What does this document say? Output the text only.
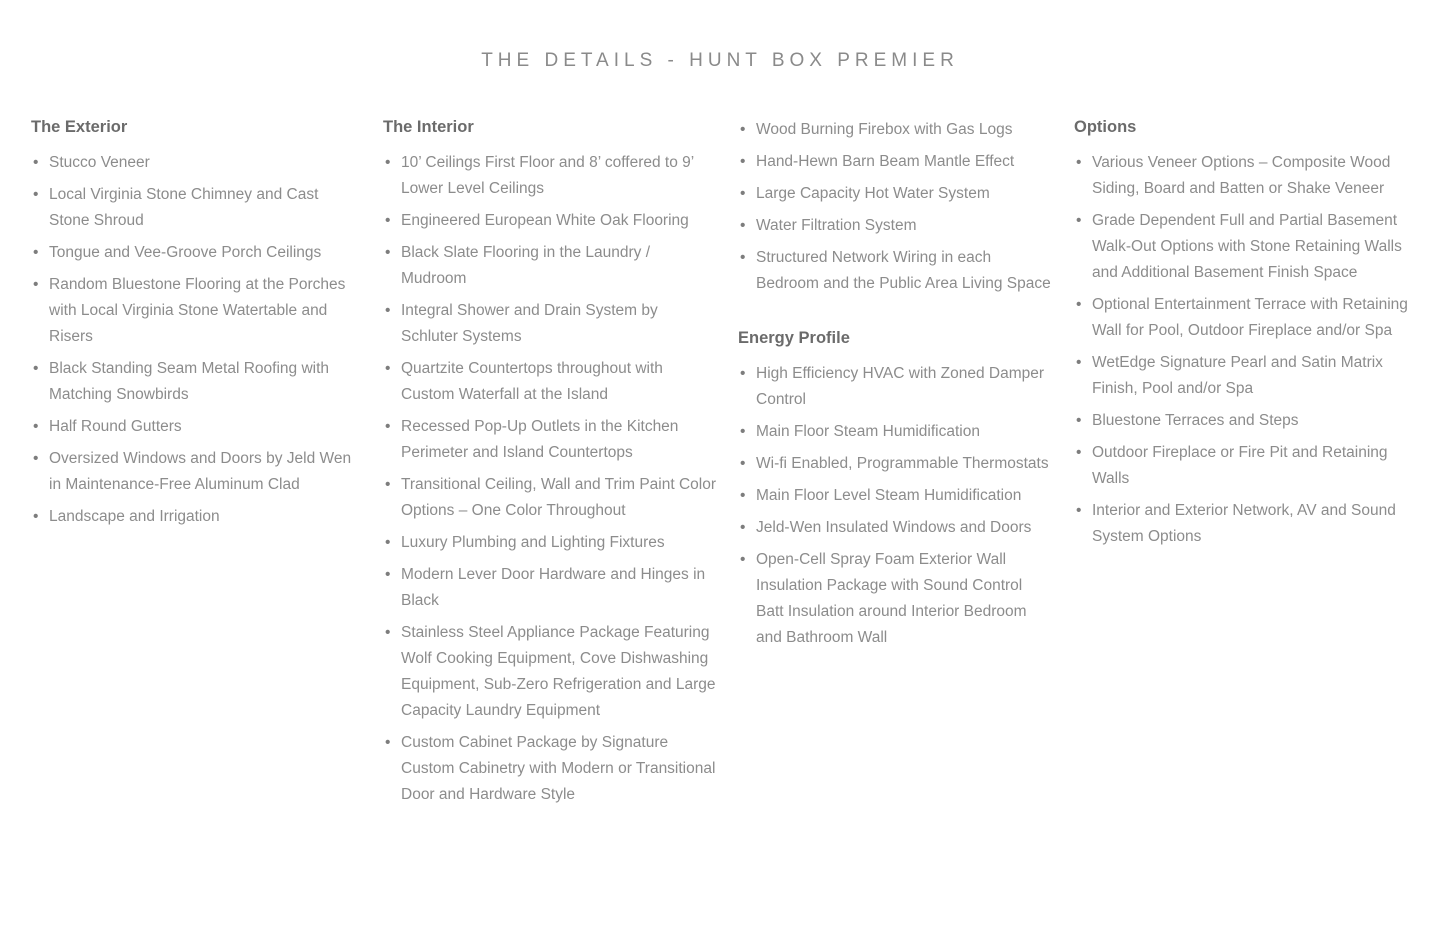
THE DETAILS - HUNT BOX PREMIER
The Exterior
• Stucco Veneer
• Local Virginia Stone Chimney and Cast Stone Shroud
• Tongue and Vee-Groove Porch Ceilings
• Random Bluestone Flooring at the Porches with Local Virginia Stone Watertable and Risers
• Black Standing Seam Metal Roofing with Matching Snowbirds
• Half Round Gutters
• Oversized Windows and Doors by Jeld Wen in Maintenance-Free Aluminum Clad
• Landscape and Irrigation
The Interior
• 10’ Ceilings First Floor and 8’ coffered to 9’ Lower Level Ceilings
• Engineered European White Oak Flooring
• Black Slate Flooring in the Laundry / Mudroom
• Integral Shower and Drain System by Schluter Systems
• Quartzite Countertops throughout with Custom Waterfall at the Island
• Recessed Pop-Up Outlets in the Kitchen Perimeter and Island Countertops
• Transitional Ceiling, Wall and Trim Paint Color Options – One Color Throughout
• Luxury Plumbing and Lighting Fixtures
• Modern Lever Door Hardware and Hinges in Black
• Stainless Steel Appliance Package Featuring Wolf Cooking Equipment, Cove Dishwashing Equipment, Sub-Zero Refrigeration and Large Capacity Laundry Equipment
• Custom Cabinet Package by Signature Custom Cabinetry with Modern or Transitional Door and Hardware Style
• Wood Burning Firebox with Gas Logs
• Hand-Hewn Barn Beam Mantle Effect
• Large Capacity Hot Water System
• Water Filtration System
• Structured Network Wiring in each Bedroom and the Public Area Living Space
Energy Profile
• High Efficiency HVAC with Zoned Damper Control
• Main Floor Steam Humidification
• Wi-fi Enabled, Programmable Thermostats
• Main Floor Level Steam Humidification
• Jeld-Wen Insulated Windows and Doors
• Open-Cell Spray Foam Exterior Wall Insulation Package with Sound Control Batt Insulation around Interior Bedroom and Bathroom Wall
Options
• Various Veneer Options – Composite Wood Siding, Board and Batten or Shake Veneer
• Grade Dependent Full and Partial Basement Walk-Out Options with Stone Retaining Walls and Additional Basement Finish Space
• Optional Entertainment Terrace with Retaining Wall for Pool, Outdoor Fireplace and/or Spa
• WetEdge Signature Pearl and Satin Matrix Finish, Pool and/or Spa
• Bluestone Terraces and Steps
• Outdoor Fireplace or Fire Pit and Retaining Walls
• Interior and Exterior Network, AV and Sound System Options
